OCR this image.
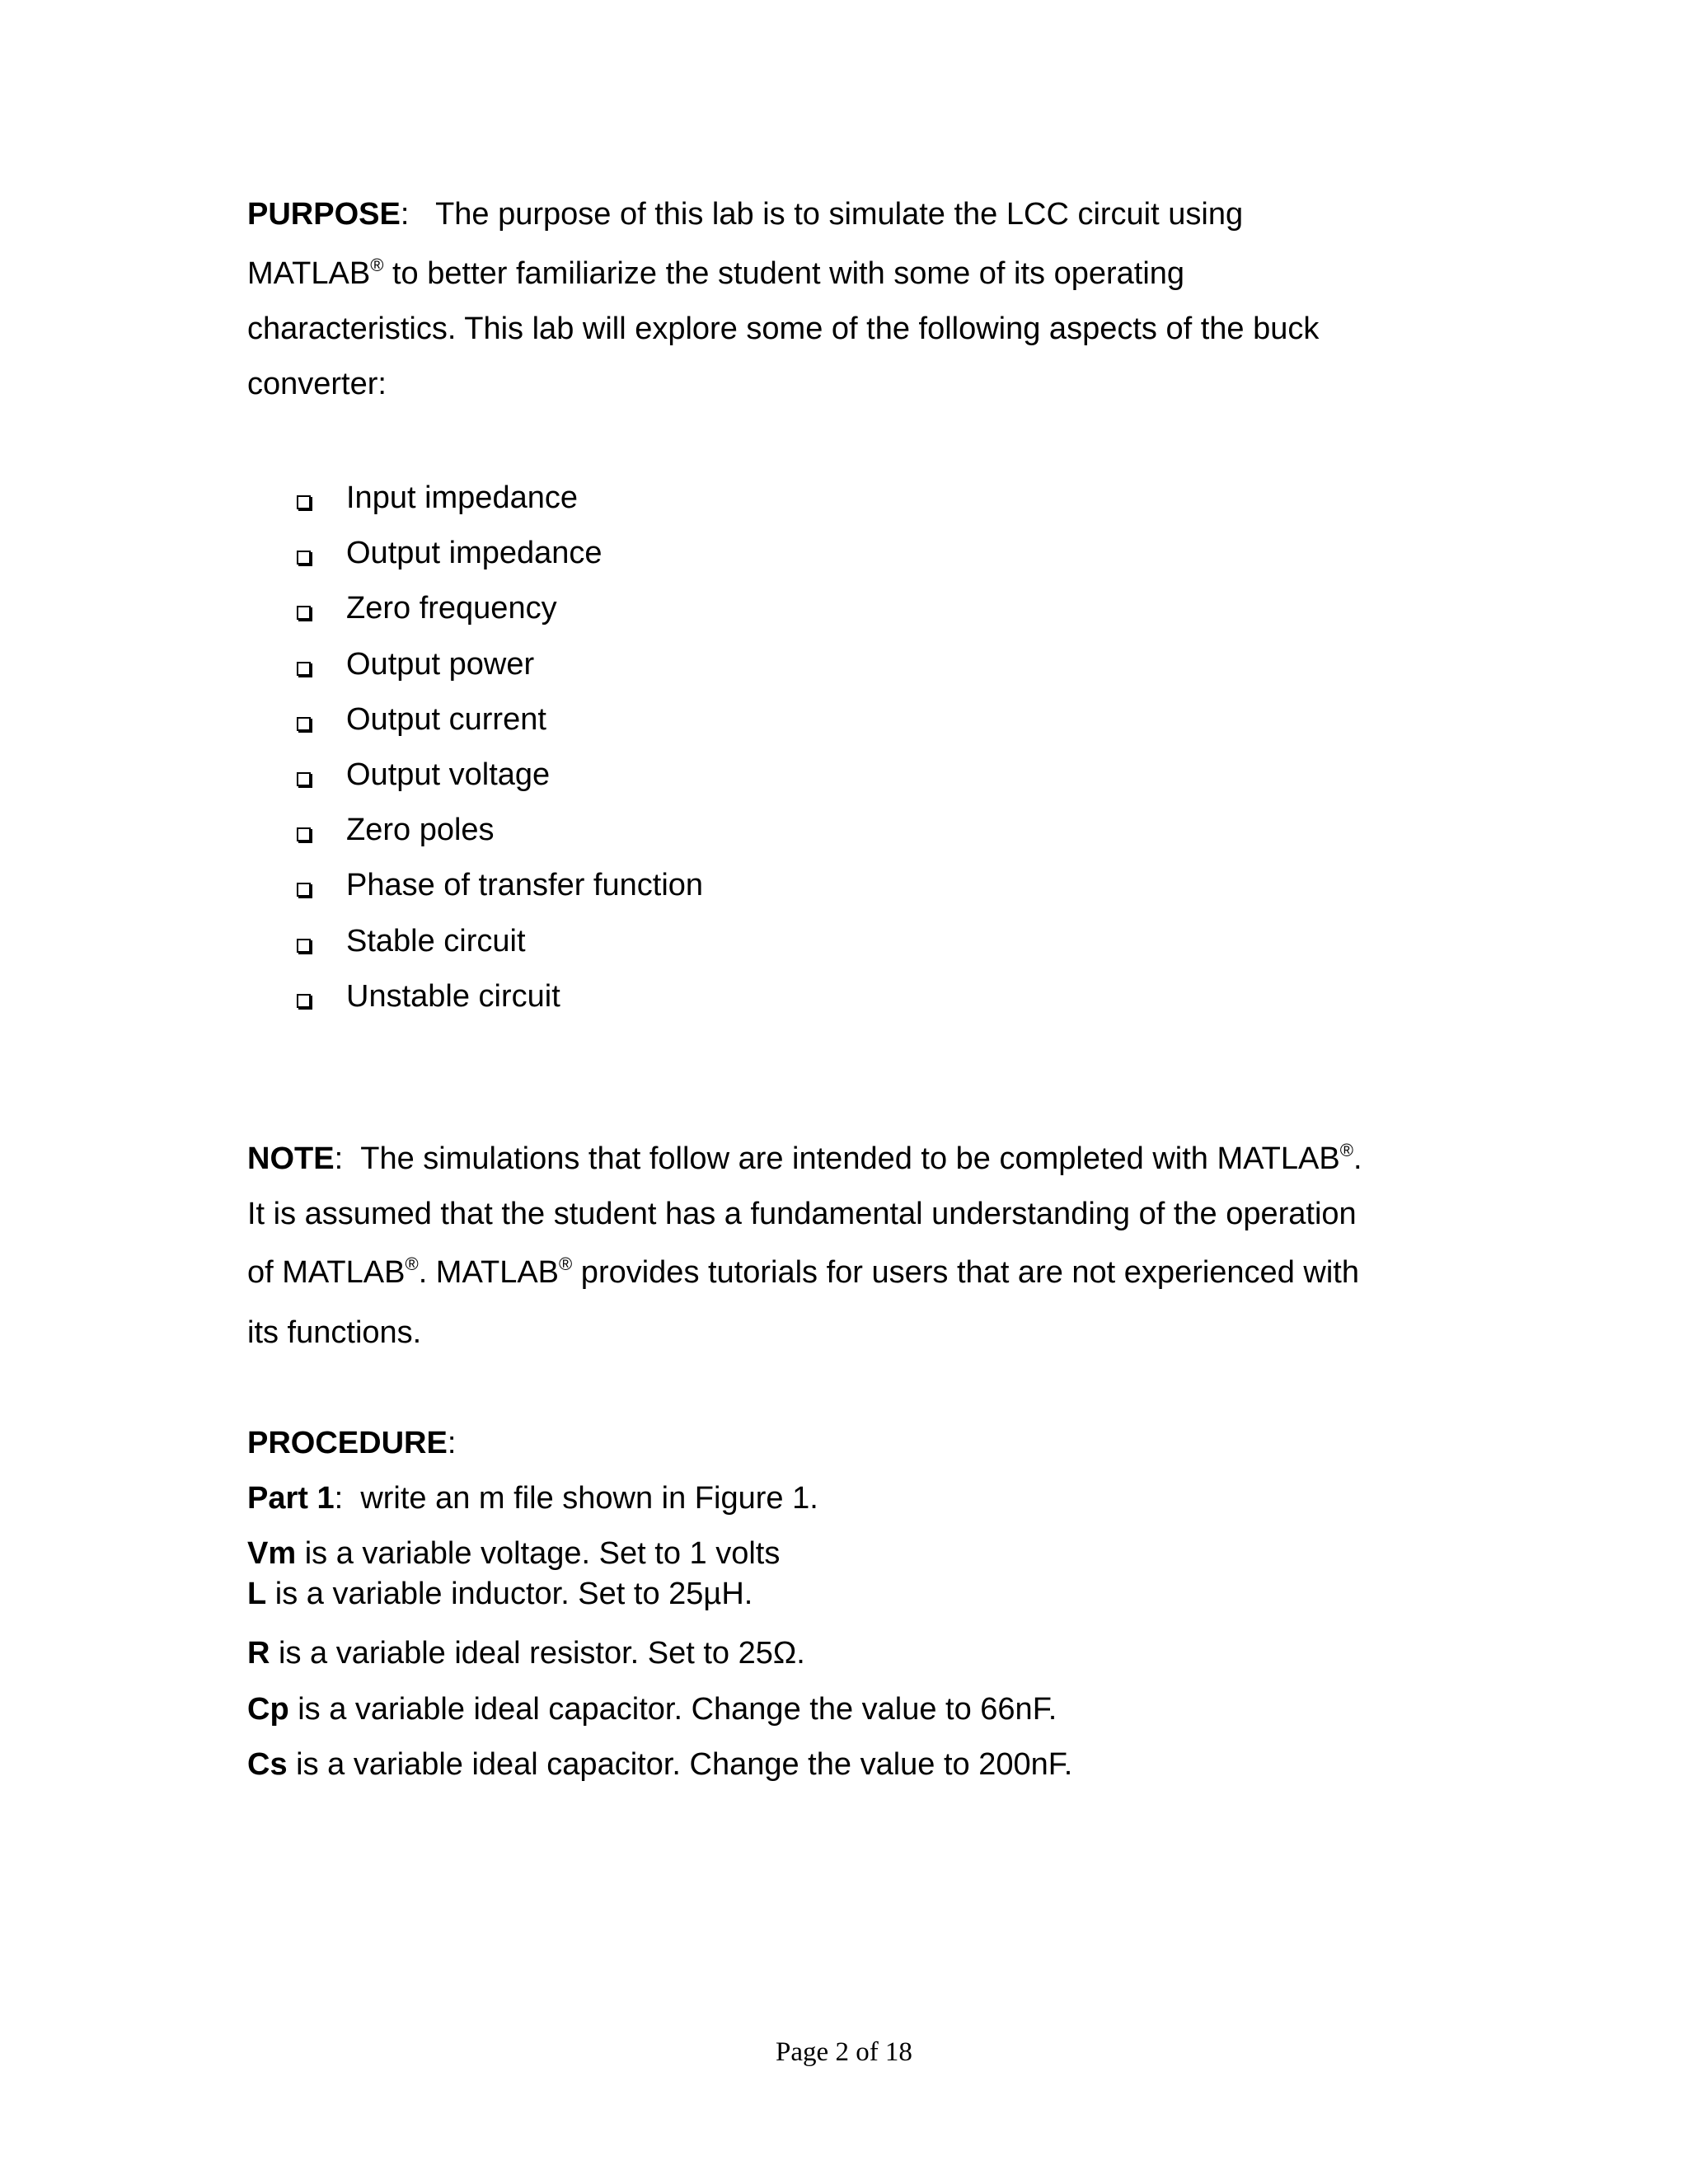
PURPOSE:   The purpose of this lab is to simulate the LCC circuit using
MATLAB® to better familiarize the student with some of its operating
characteristics. This lab will explore some of the following aspects of the buck
converter:
Input impedance
Output impedance
Zero frequency
Output power
Output current
Output voltage
Zero poles
Phase of transfer function
Stable circuit
Unstable circuit
NOTE:  The simulations that follow are intended to be completed with MATLAB®.
It is assumed that the student has a fundamental understanding of the operation
of MATLAB®. MATLAB® provides tutorials for users that are not experienced with
its functions.
PROCEDURE:
Part 1:  write an m file shown in Figure 1.
Vm is a variable voltage. Set to 1 volts
L is a variable inductor. Set to 25µH.
R is a variable ideal resistor. Set to 25Ω.
Cp is a variable ideal capacitor. Change the value to 66nF.
Cs is a variable ideal capacitor. Change the value to 200nF.
Page 2 of 18
